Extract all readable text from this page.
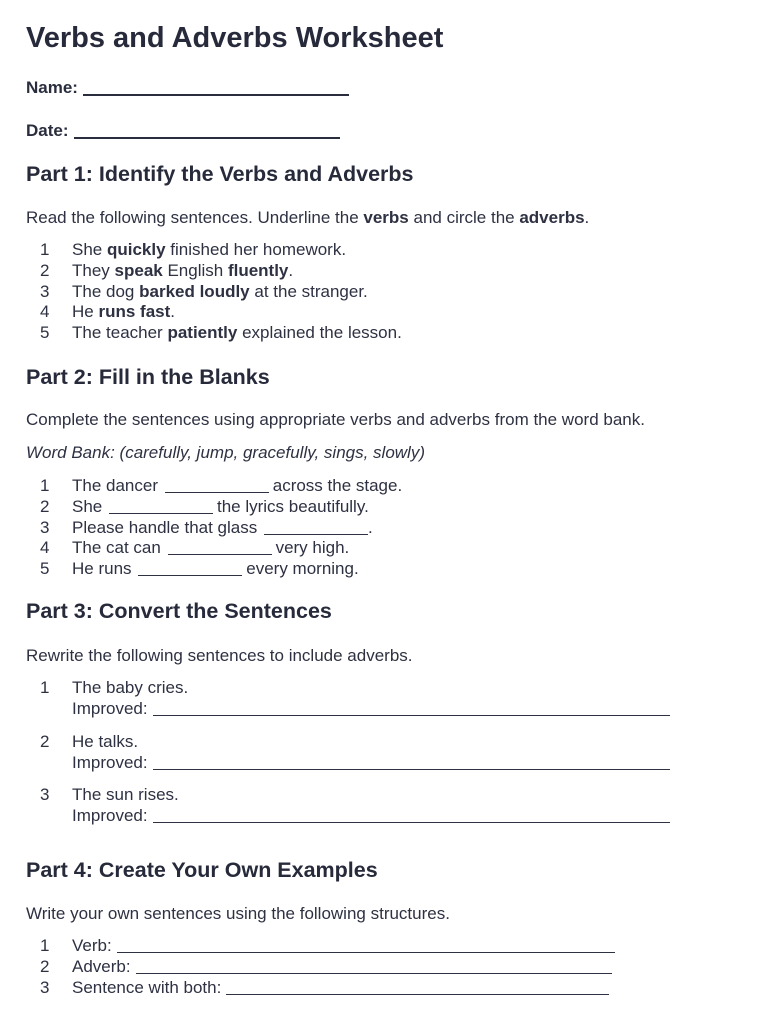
Verbs and Adverbs Worksheet
Name:
Date:
Part 1: Identify the Verbs and Adverbs

Read the following sentences. Underline the verbs and circle the adverbs.

1 She quickly finished her homework.
2 They speak English fluently.
3 The dog barked loudly at the stranger.
4 He runs fast.
5 The teacher patiently explained the lesson.
Part 2: Fill in the Blanks

Complete the sentences using appropriate verbs and adverbs from the word bank.

Word Bank: (carefully, jump, gracefully, sings, slowly)

1 The dancer	across the stage.
2 She	the lyrics beautifully.
3 Please handle that glass	.
4 The cat can	very high.
5 He runs	every morning.
Part 3: Convert the Sentences

Rewrite the following sentences to include adverbs.

1 The baby cries.
Improved:
2 He talks.
Improved:
3 The sun rises.
Improved:
Part 4: Create Your Own Examples

Write your own sentences using the following structures.

1 Verb:
2 Adverb:
3 Sentence with both:
